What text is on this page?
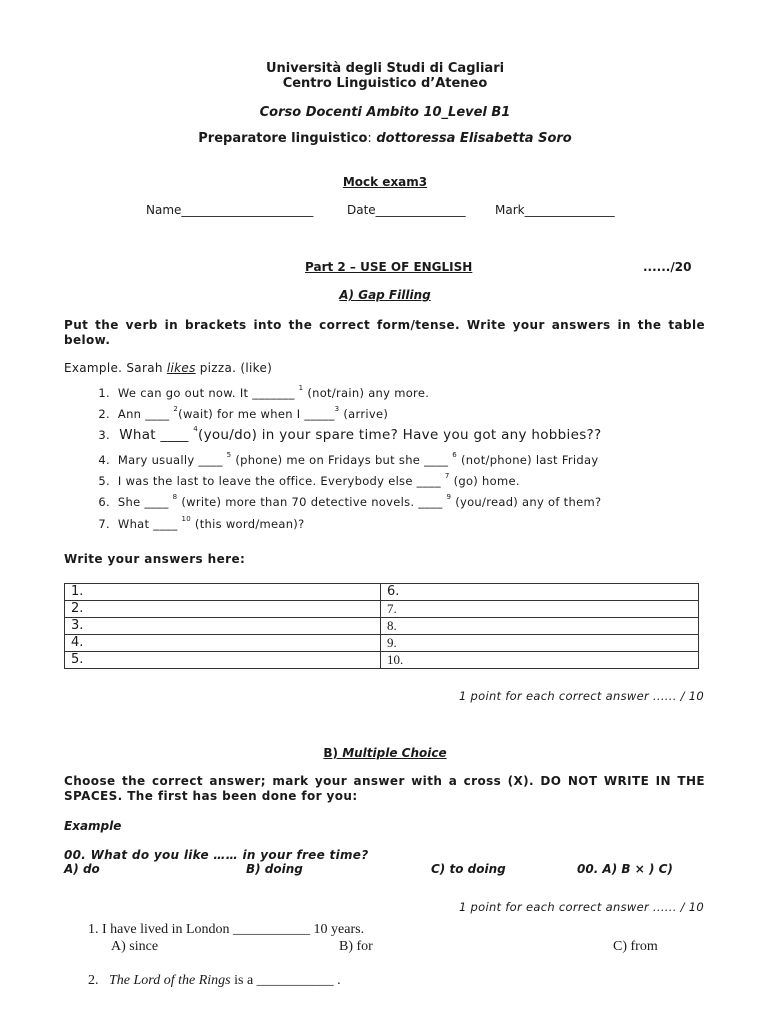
Università degli Studi di Cagliari
Centro Linguistico d’Ateneo
Corso Docenti Ambito 10_Level B1
Preparatore linguistico: dottoressa Elisabetta Soro
Mock exam3
Name______________________	Date_______________ Mark_______________
Part 2 – USE OF ENGLISH	....../20
A) Gap Filling
Put the verb in brackets into the correct form/tense. Write your answers in the table below.
Example. Sarah likes pizza. (like)
1. We can go out now. It _______ $^1$ (not/rain) any more.
2. Ann ____ $^2$(wait) for me when I _____$^3$ (arrive)
3. What ____ $^4$(you/do) in your spare time? Have you got any hobbies??
4. Mary usually ____ $^5$ (phone) me on Fridays but she ____ $^6$ (not/phone) last Friday
5. I was the last to leave the office. Everybody else ____ $^7$ (go) home.
6. She ____ $^8$ (write) more than 70 detective novels. ____ $^9$ (you/read) any of them?
7. What ____ $^{10}$ (this word/mean)?
Write your answers here:
1.	6.
2.	7.
3.	8.
4.	9.
5.	10.
1 point for each correct answer ...... / 10
B) Multiple Choice
Choose the correct answer; mark your answer with a cross (X). DO NOT WRITE IN THE SPACES. The first has been done for you:
Example
00. What do you like …… in your free time?
A) do	B) doing	C) to doing	00. A) B × ) C)
1 point for each correct answer ...... / 10
1. I have lived in London ___________ 10 years.
A) since	B) for	C) from
2. The Lord of the Rings is a ___________ .
